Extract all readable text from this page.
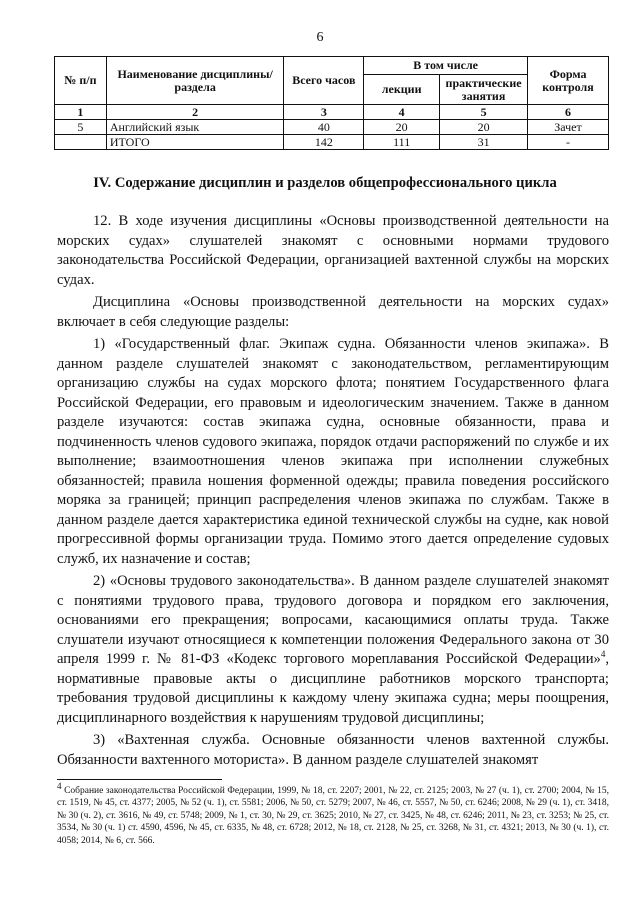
6
№ п/п	Наименование дисциплины/раздела	Всего часов	В том числе		Форма контроля
			лекции	практические занятия	
1	2	3	4	5	6
5	Английский язык	40	20	20	Зачет
	ИТОГО	142	111	31	-
IV. Содержание дисциплин и разделов общепрофессионального цикла

12. В ходе изучения дисциплины «Основы производственной деятельности на морских судах» слушателей знакомят с основными нормами трудового законодательства Российской Федерации, организацией вахтенной службы на морских судах.

Дисциплина «Основы производственной деятельности на морских судах» включает в себя следующие разделы:

1) «Государственный флаг. Экипаж судна. Обязанности членов экипажа». В данном разделе слушателей знакомят с законодательством, регламентирующим организацию службы на судах морского флота; понятием Государственного флага Российской Федерации, его правовым и идеологическим значением. Также в данном разделе изучаются: состав экипажа судна, основные обязанности, права и подчиненность членов судового экипажа, порядок отдачи распоряжений по службе и их выполнение; взаимоотношения членов экипажа при исполнении служебных обязанностей; правила ношения форменной одежды; правила поведения российского моряка за границей; принцип распределения членов экипажа по службам. Также в данном разделе дается характеристика единой технической службы на судне, как новой прогрессивной формы организации труда. Помимо этого дается определение судовых служб, их назначение и состав;

2) «Основы трудового законодательства». В данном разделе слушателей знакомят с понятиями трудового права, трудового договора и порядком его заключения, основаниями его прекращения; вопросами, касающимися оплаты труда. Также слушатели изучают относящиеся к компетенции положения Федерального закона от 30 апреля 1999 г. № 81-ФЗ «Кодекс торгового мореплавания Российской Федерации»$^4$, нормативные правовые акты о дисциплине работников морского транспорта; требования трудовой дисциплины к каждому члену экипажа судна; меры поощрения, дисциплинарного воздействия к нарушениям трудовой дисциплины;

3) «Вахтенная служба. Основные обязанности членов вахтенной службы. Обязанности вахтенного моториста». В данном разделе слушателей знакомят

$^4$ Собрание законодательства Российской Федерации, 1999, № 18, ст. 2207; 2001, № 22, ст. 2125; 2003, № 27 (ч. 1), ст. 2700; 2004, № 15, ст. 1519, № 45, ст. 4377; 2005, № 52 (ч. 1), ст. 5581; 2006, № 50, ст. 5279; 2007, № 46, ст. 5557, № 50, ст. 6246; 2008, № 29 (ч. 1), ст. 3418, № 30 (ч. 2), ст. 3616, № 49, ст. 5748; 2009, № 1, ст. 30, № 29, ст. 3625; 2010, № 27, ст. 3425, № 48, ст. 6246; 2011, № 23, ст. 3253; № 25, ст. 3534, № 30 (ч. 1) ст. 4590, 4596, № 45, ст. 6335, № 48, ст. 6728; 2012, № 18, ст. 2128, № 25, ст. 3268, № 31, ст. 4321; 2013, № 30 (ч. 1), ст. 4058; 2014, № 6, ст. 566.
